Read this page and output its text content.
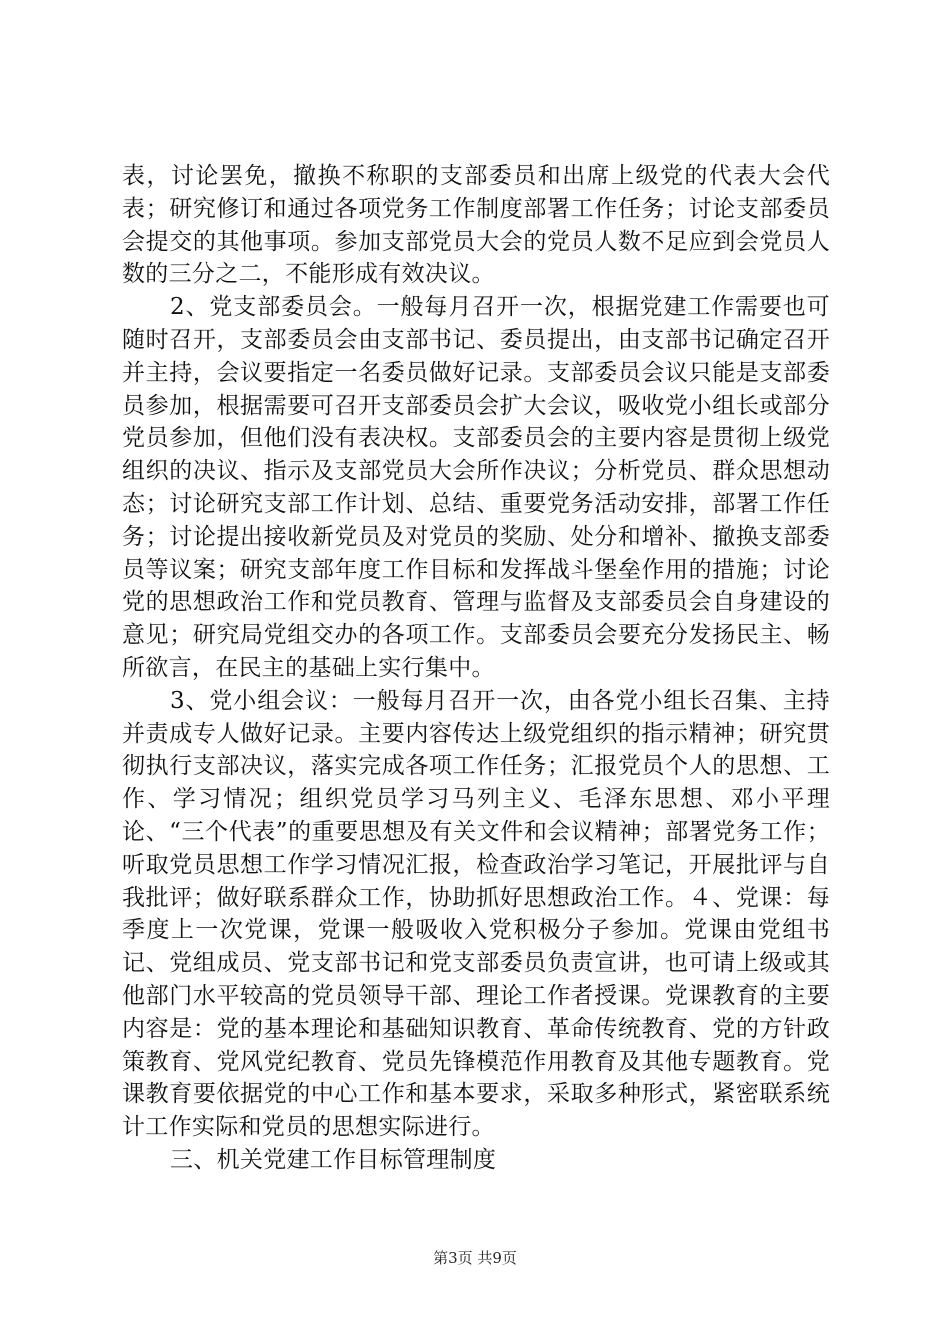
表，讨论罢免，撤换不称职的支部委员和出席上级党的代表大会代表；研究修订和通过各项党务工作制度部署工作任务；讨论支部委员会提交的其他事项。参加支部党员大会的党员人数不足应到会党员人数的三分之二，不能形成有效决议。

2、党支部委员会。一般每月召开一次，根据党建工作需要也可随时召开，支部委员会由支部书记、委员提出，由支部书记确定召开并主持，会议要指定一名委员做好记录。支部委员会议只能是支部委员参加，根据需要可召开支部委员会扩大会议，吸收党小组长或部分党员参加，但他们没有表决权。支部委员会的主要内容是贯彻上级党组织的决议、指示及支部党员大会所作决议；分析党员、群众思想动态；讨论研究支部工作计划、总结、重要党务活动安排，部署工作任务；讨论提出接收新党员及对党员的奖励、处分和增补、撤换支部委员等议案；研究支部年度工作目标和发挥战斗堡垒作用的措施；讨论党的思想政治工作和党员教育、管理与监督及支部委员会自身建设的意见；研究局党组交办的各项工作。支部委员会要充分发扬民主、畅所欲言，在民主的基础上实行集中。

3、党小组会议：一般每月召开一次，由各党小组长召集、主持并责成专人做好记录。主要内容传达上级党组织的指示精神；研究贯彻执行支部决议，落实完成各项工作任务；汇报党员个人的思想、工作、学习情况；组织党员学习马列主义、毛泽东思想、邓小平理论、“三个代表”的重要思想及有关文件和会议精神；部署党务工作；听取党员思想工作学习情况汇报，检查政治学习笔记，开展批评与自我批评；做好联系群众工作，协助抓好思想政治工作。４、党课：每季度上一次党课，党课一般吸收入党积极分子参加。党课由党组书记、党组成员、党支部书记和党支部委员负责宣讲，也可请上级或其他部门水平较高的党员领导干部、理论工作者授课。党课教育的主要内容是：党的基本理论和基础知识教育、革命传统教育、党的方针政策教育、党风党纪教育、党员先锋模范作用教育及其他专题教育。党课教育要依据党的中心工作和基本要求，采取多种形式，紧密联系统计工作实际和党员的思想实际进行。

三、机关党建工作目标管理制度

第3页 共9页
